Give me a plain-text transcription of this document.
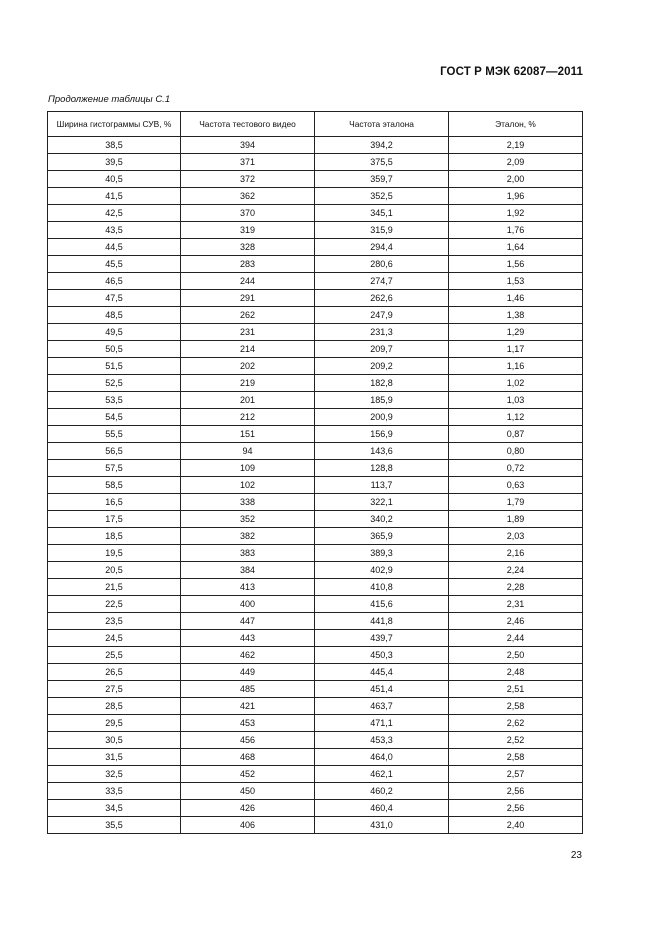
ГОСТ Р МЭК 62087—2011
Продолжение таблицы С.1
Ширина гистограммы СУВ, %	Частота тестового видео	Частота эталона	Эталон, %
38,5	394	394,2	2,19
39,5	371	375,5	2,09
40,5	372	359,7	2,00
41,5	362	352,5	1,96
42,5	370	345,1	1,92
43,5	319	315,9	1,76
44,5	328	294,4	1,64
45,5	283	280,6	1,56
46,5	244	274,7	1,53
47,5	291	262,6	1,46
48,5	262	247,9	1,38
49,5	231	231,3	1,29
50,5	214	209,7	1,17
51,5	202	209,2	1,16
52,5	219	182,8	1,02
53,5	201	185,9	1,03
54,5	212	200,9	1,12
55,5	151	156,9	0,87
56,5	94	143,6	0,80
57,5	109	128,8	0,72
58,5	102	113,7	0,63
16,5	338	322,1	1,79
17,5	352	340,2	1,89
18,5	382	365,9	2,03
19,5	383	389,3	2,16
20,5	384	402,9	2,24
21,5	413	410,8	2,28
22,5	400	415,6	2,31
23,5	447	441,8	2,46
24,5	443	439,7	2,44
25,5	462	450,3	2,50
26,5	449	445,4	2,48
27,5	485	451,4	2,51
28,5	421	463,7	2,58
29,5	453	471,1	2,62
30,5	456	453,3	2,52
31,5	468	464,0	2,58
32,5	452	462,1	2,57
33,5	450	460,2	2,56
34,5	426	460,4	2,56
35,5	406	431,0	2,40
23
